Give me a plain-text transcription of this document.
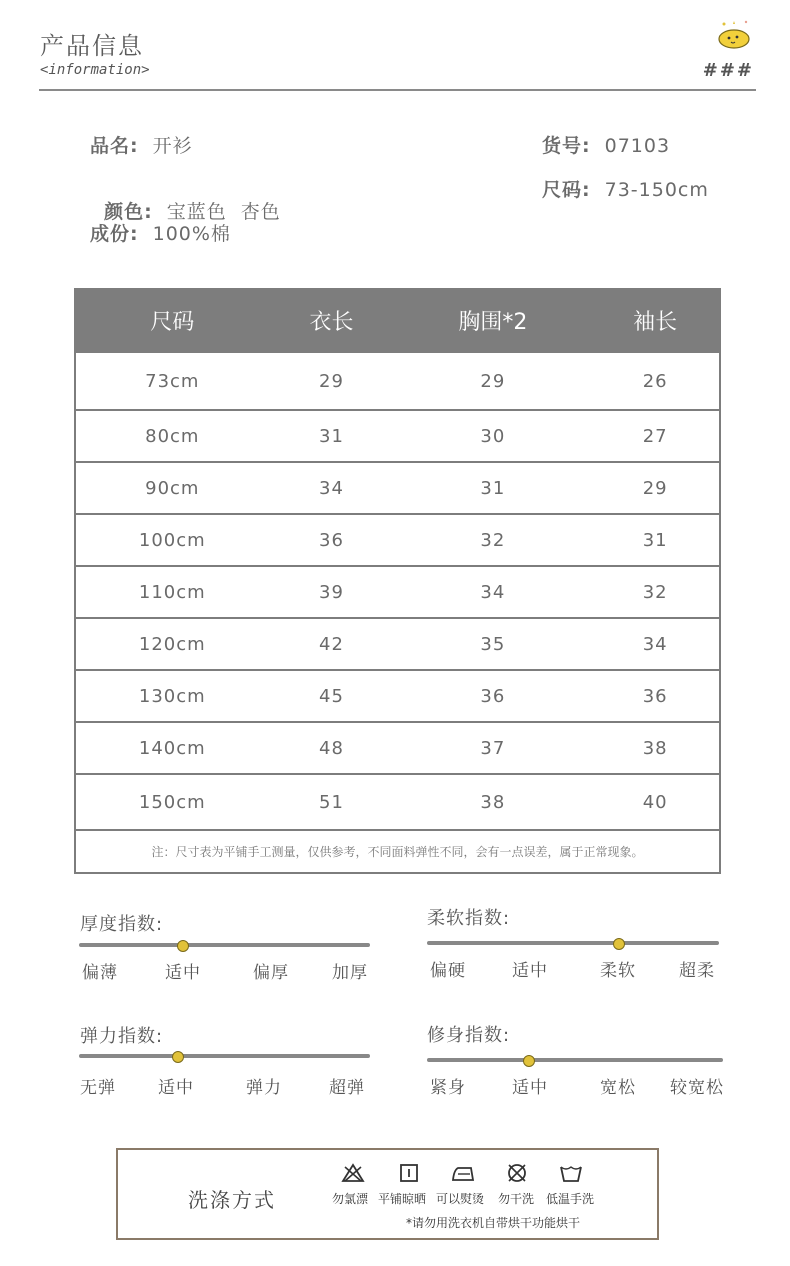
产品信息
<information>	###
品名: 开衫	货号: 07103

颜色: 宝蓝色  杏色

尺码: 73-150cm
成份: 100%棉
尺码	衣长	胸围*2	袖长
73cm	29	29	26
80cm	31	30	27
90cm	34	31	29
100cm	36	32	31
110cm	39	34	32
120cm	42	35	34
130cm	45	36	36
140cm	48	37	38
150cm	51	38	40
注：尺寸表为平铺手工测量，仅供参考，不同面料弹性不同，会有一点误差，属于正常现象。			
厚度指数:
偏薄	适中	偏厚	加厚
柔软指数:
偏硬	适中	柔软	超柔
弹力指数:
无弹 适中	弹力	超弹
修身指数:
紧身	适中	宽松 较宽松
洗涤方式	勿氯漂 平铺晾晒 可以熨烫 勿干洗 低温手洗
*请勿用洗衣机自带烘干功能烘干
